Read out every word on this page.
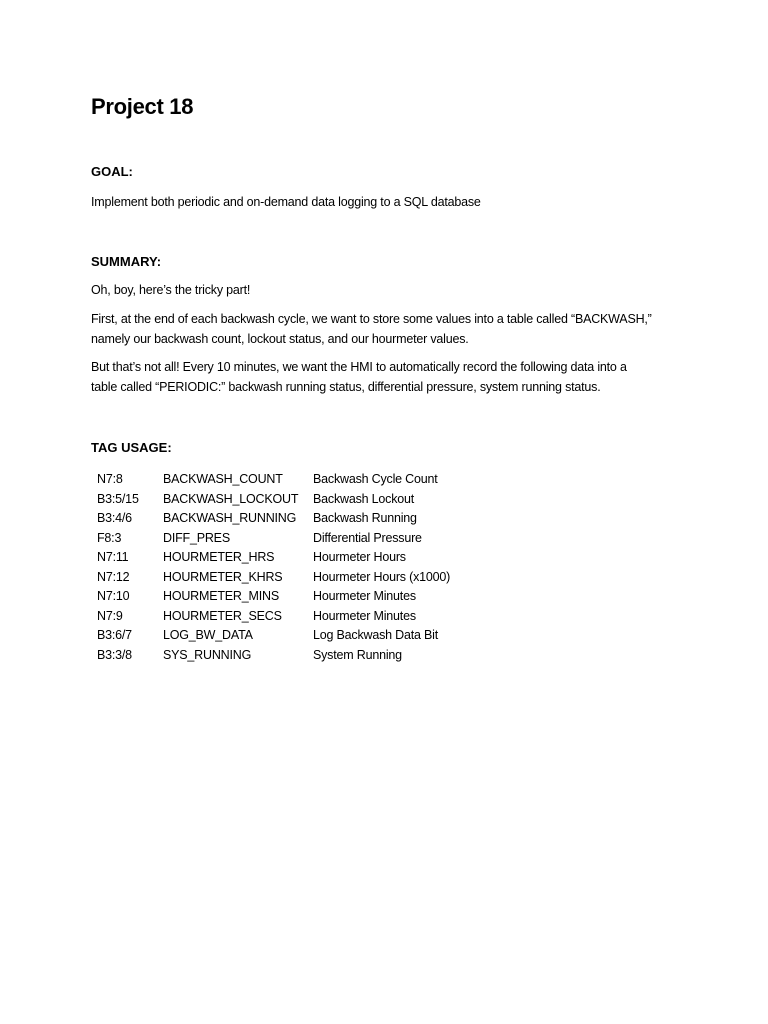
Project 18
GOAL:
Implement both periodic and on-demand data logging to a SQL database
SUMMARY:
Oh, boy, here’s the tricky part!
First, at the end of each backwash cycle, we want to store some values into a table called “BACKWASH,”
namely our backwash count, lockout status, and our hourmeter values.
But that’s not all! Every 10 minutes, we want the HMI to automatically record the following data into a
table called “PERIODIC:” backwash running status, differential pressure, system running status.
TAG USAGE:
N7:8	BACKWASH_COUNT	Backwash Cycle Count
B3:5/15	BACKWASH_LOCKOUT	Backwash Lockout
B3:4/6	BACKWASH_RUNNING	Backwash Running
F8:3	DIFF_PRES	Differential Pressure
N7:11	HOURMETER_HRS	Hourmeter Hours
N7:12	HOURMETER_KHRS	Hourmeter Hours (x1000)
N7:10	HOURMETER_MINS	Hourmeter Minutes
N7:9	HOURMETER_SECS	Hourmeter Minutes
B3:6/7	LOG_BW_DATA	Log Backwash Data Bit
B3:3/8	SYS_RUNNING	System Running
